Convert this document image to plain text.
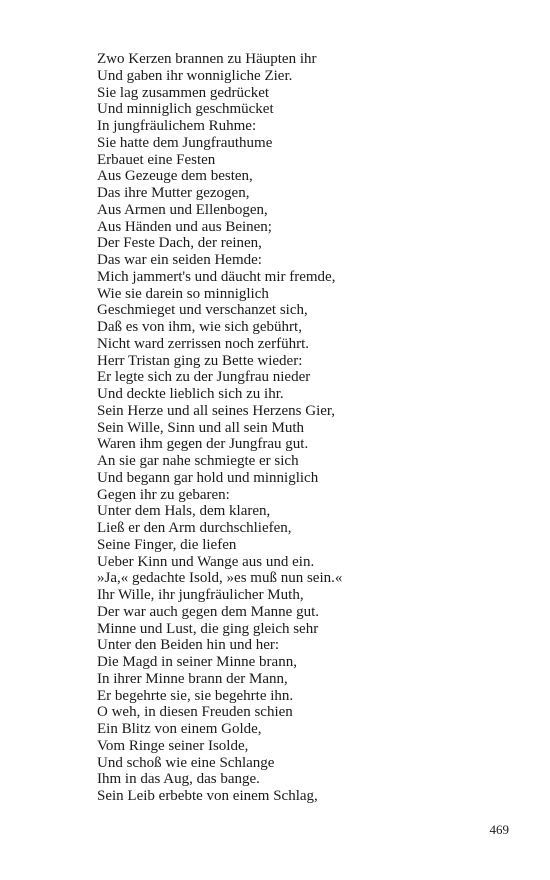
Zwo Kerzen brannen zu Häupten ihr
Und gaben ihr wonnigliche Zier.
Sie lag zusammen gedrücket
Und minniglich geschmücket
In jungfräulichem Ruhme:
Sie hatte dem Jungfrauthume
Erbauet eine Festen
Aus Gezeuge dem besten,
Das ihre Mutter gezogen,
Aus Armen und Ellenbogen,
Aus Händen und aus Beinen;
Der Feste Dach, der reinen,
Das war ein seiden Hemde:
Mich jammert's und däucht mir fremde,
Wie sie darein so minniglich
Geschmieget und verschanzet sich,
Daß es von ihm, wie sich gebührt,
Nicht ward zerrissen noch zerführt.
Herr Tristan ging zu Bette wieder:
Er legte sich zu der Jungfrau nieder
Und deckte lieblich sich zu ihr.
Sein Herze und all seines Herzens Gier,
Sein Wille, Sinn und all sein Muth
Waren ihm gegen der Jungfrau gut.
An sie gar nahe schmiegte er sich
Und begann gar hold und minniglich
Gegen ihr zu gebaren:
Unter dem Hals, dem klaren,
Ließ er den Arm durchschliefen,
Seine Finger, die liefen
Ueber Kinn und Wange aus und ein.
»Ja,« gedachte Isold, »es muß nun sein.«
Ihr Wille, ihr jungfräulicher Muth,
Der war auch gegen dem Manne gut.
Minne und Lust, die ging gleich sehr
Unter den Beiden hin und her:
Die Magd in seiner Minne brann,
In ihrer Minne brann der Mann,
Er begehrte sie, sie begehrte ihn.
O weh, in diesen Freuden schien
Ein Blitz von einem Golde,
Vom Ringe seiner Isolde,
Und schoß wie eine Schlange
Ihm in das Aug, das bange.
Sein Leib erbebte von einem Schlag,
469
